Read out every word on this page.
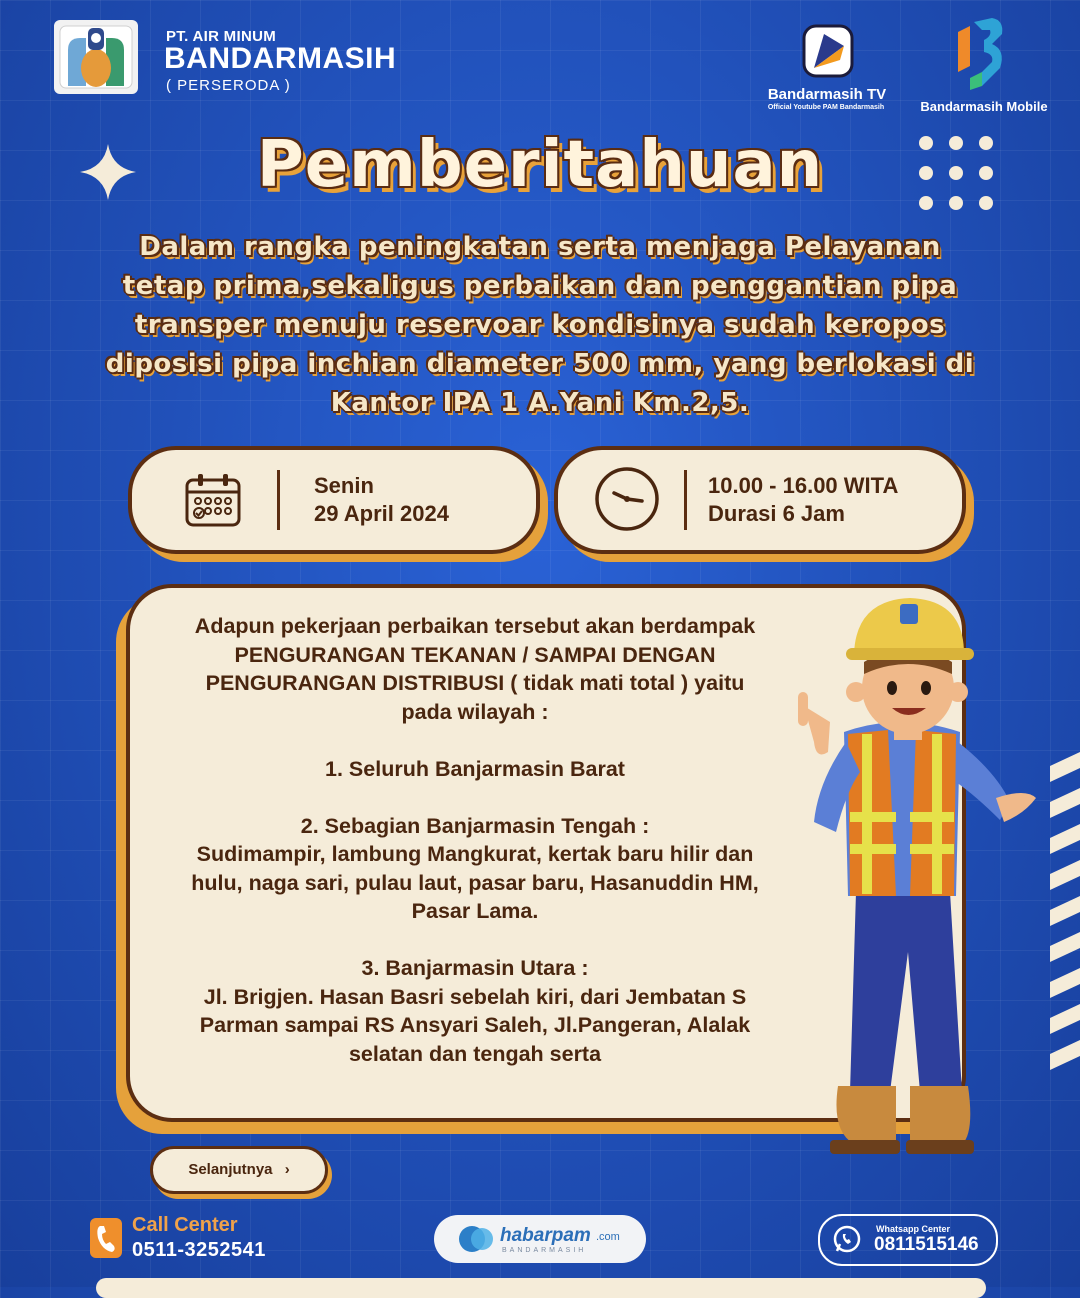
PT. AIR MINUM
BANDARMASIH
( PERSERODA )
Bandarmasih TV
Official Youtube PAM Bandarmasih	Bandarmasih Mobile
Pemberitahuan
Dalam rangka peningkatan serta menjaga Pelayanan tetap prima,sekaligus perbaikan dan penggantian pipa transper menuju reservoar kondisinya sudah keropos diposisi pipa inchian diameter 500 mm, yang berlokasi di Kantor IPA 1 A.Yani Km.2,5.
Senin
29 April 2024
10.00 - 16.00 WITA
Durasi 6 Jam
Adapun pekerjaan perbaikan tersebut akan berdampak PENGURANGAN TEKANAN / SAMPAI DENGAN PENGURANGAN DISTRIBUSI ( tidak mati total ) yaitu pada wilayah :

1. Seluruh Banjarmasin Barat

2. Sebagian Banjarmasin Tengah :
Sudimampir, lambung Mangkurat, kertak baru hilir dan hulu, naga sari, pulau laut, pasar baru, Hasanuddin HM, Pasar Lama.

3. Banjarmasin Utara :
Jl. Brigjen. Hasan Basri sebelah kiri, dari Jembatan S Parman sampai RS Ansyari Saleh, Jl.Pangeran, Alalak selatan dan tengah serta
Selanjutnya ›
Call Center
0511-3252541
habarpam .com
BANDARMASIH
Whatsapp Center
0811515146
